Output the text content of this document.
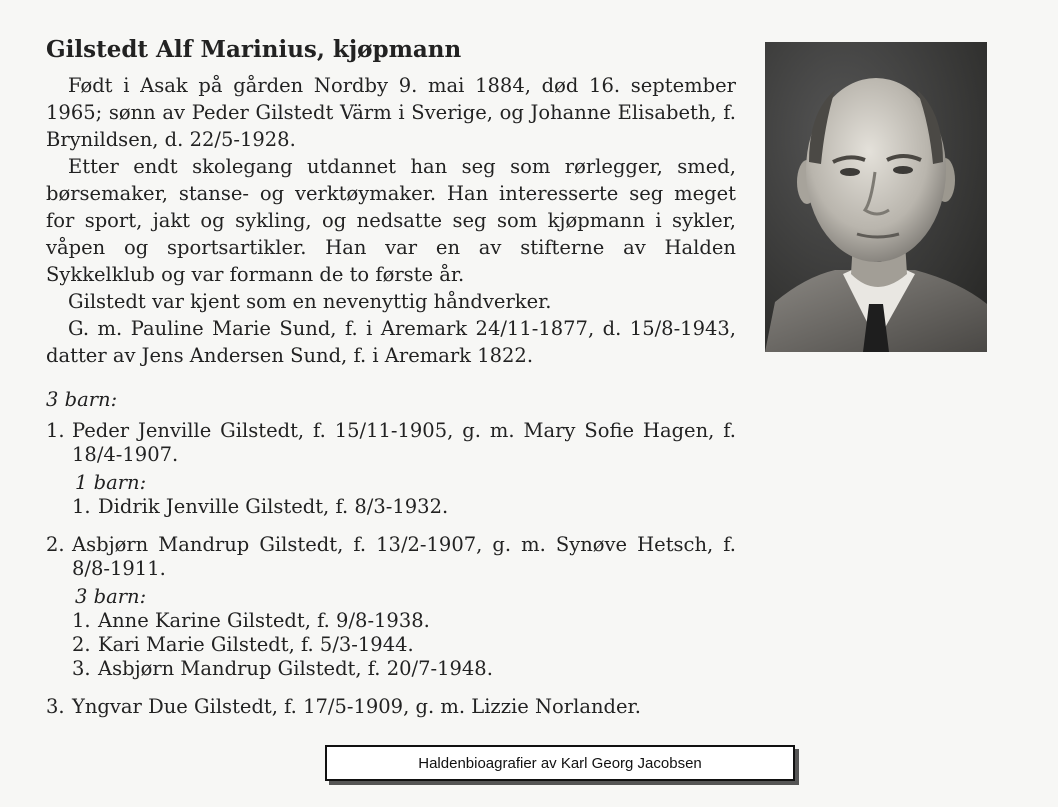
Gilstedt Alf Marinius, kjøpmann

Født i Asak på gården Nordby 9. mai 1884, død 16. september 1965; sønn av Peder Gilstedt Värm i Sverige, og Johanne Elisabeth, f. Brynildsen, d. 22/5-1928.

Etter endt skolegang utdannet han seg som rørlegger, smed, børsemaker, stanse- og verktøymaker. Han interesserte seg meget for sport, jakt og sykling, og nedsatte seg som kjøpmann i sykler, våpen og sportsartikler. Han var en av stifterne av Halden Sykkelklub og var formann de to første år.

Gilstedt var kjent som en nevenyttig håndverker.

G. m. Pauline Marie Sund, f. i Aremark 24/11-1877, d. 15/8-1943, datter av Jens Andersen Sund, f. i Aremark 1822.

3 barn:
1. Peder Jenville Gilstedt, f. 15/11-1905, g. m. Mary Sofie Hagen, f. 18/4-1907.
1 barn:
1. Didrik Jenville Gilstedt, f. 8/3-1932.
2. Asbjørn Mandrup Gilstedt, f. 13/2-1907, g. m. Synøve Hetsch, f. 8/8-1911.
3 barn:
1. Anne Karine Gilstedt, f. 9/8-1938.
2. Kari Marie Gilstedt, f. 5/3-1944.
3. Asbjørn Mandrup Gilstedt, f. 20/7-1948.
3. Yngvar Due Gilstedt, f. 17/5-1909, g. m. Lizzie Norlander.
Haldenbioagrafier av Karl Georg Jacobsen
